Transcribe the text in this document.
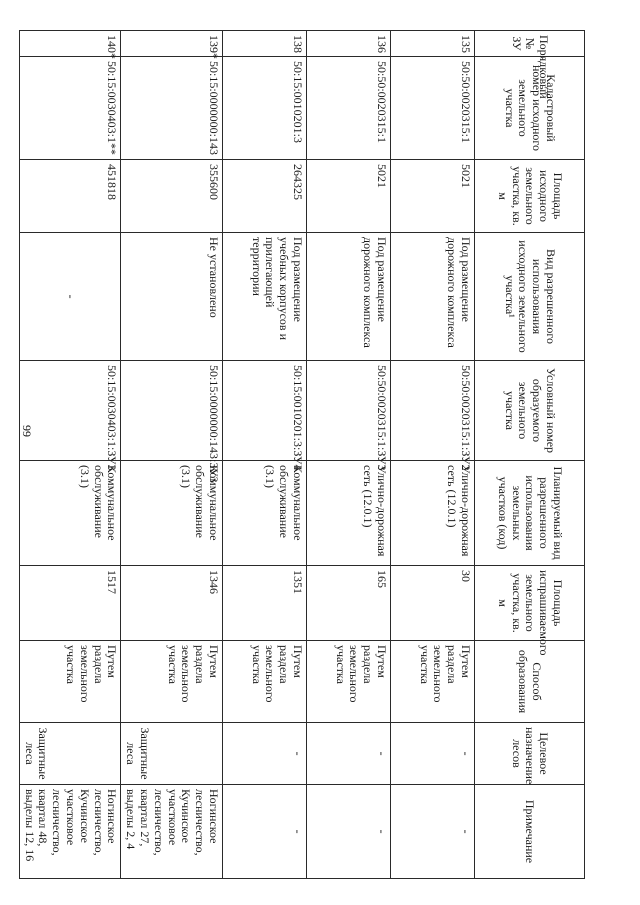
99
Порядковый № ЗУ	Кадастровый номер исходного земельного участка	Площадь исходного земельного участка, кв. м	Вид разрешенного использования исходного земельного участка¹	Условный номер образуемого земельного участка	Планируемый вид разрешенного использования земельных участков (код)	Площадь испрашиваемого земельного участка, кв. м	Способ образования	Целевое назначение лесов	Примечание
135	50:50:0020315:1	5021	Под размещение дорожного комплекса	50:50:0020315:1:ЗУ2	Улично-дорожная сеть (12.0.1)	30	Путем раздела земельного участка	-	-
136	50:50:0020315:1	5021	Под размещение дорожного комплекса	50:50:0020315:1:ЗУ3	Улично-дорожная сеть (12.0.1)	165	Путем раздела земельного участка	-	-
138	50:15:0010201:3	264325	Под размещение учебных корпусов и прилегающей территории	50:15:0010201:3:ЗУ4	Коммунальное обслуживание (3.1)	1351	Путем раздела земельного участка	-	-
139*	50:15:0000000:143	355600	Не установлено	50:15:0000000:143:ЗУ3	Коммунальное обслуживание (3.1)	1346	Путем раздела земельного участка	Защитные леса	Ногинское лесничество, Кучинское участковое лесничество, квартал 27, выделы 2, 4
140*	50:15:0030403:1**	451818	-	50:15:0030403:1:ЗУ3	Коммунальное обслуживание (3.1)	1517	Путем раздела земельного участка	Защитные леса	Ногинское лесничество, Кучинское участковое лесничество, квартал 48, выделы 12, 16
